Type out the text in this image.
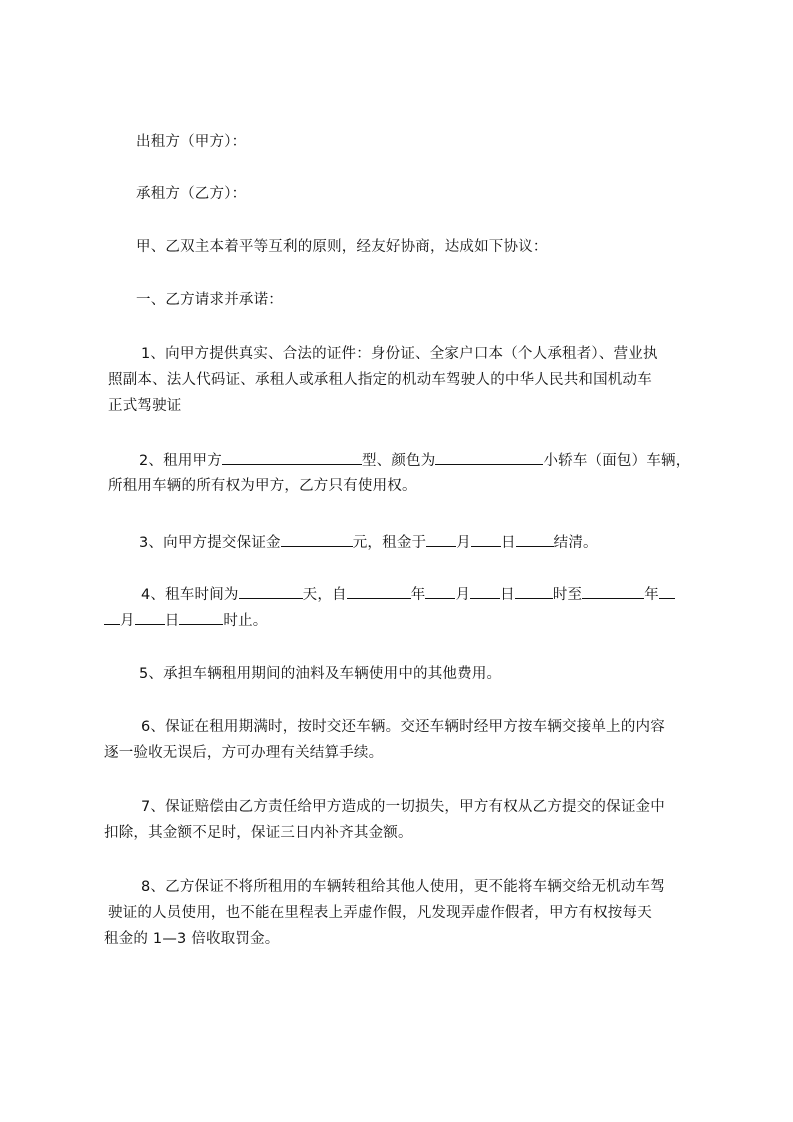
出租方（甲方）：
承租方（乙方）：
甲、乙双主本着平等互利的原则，经友好协商，达成如下协议：
一、乙方请求并承诺：
1、向甲方提供真实、合法的证件：身份证、全家户口本（个人承租者）、营业执
照副本、法人代码证、承租人或承租人指定的机动车驾驶人的中华人民共和国机动车
正式驾驶证
2、租用甲方	型、颜色为	小轿车（面包）车辆，
所租用车辆的所有权为甲方，乙方只有使用权。
3、向甲方提交保证金	元，租金于 月 日	结清。
4、租车时间为	天，自	年 月 日	时至	年
月 日	时止。
5、承担车辆租用期间的油料及车辆使用中的其他费用。
6、保证在租用期满时，按时交还车辆。交还车辆时经甲方按车辆交接单上的内容
逐一验收无误后，方可办理有关结算手续。
7、保证赔偿由乙方责任给甲方造成的一切损失，甲方有权从乙方提交的保证金中
扣除，其金额不足时，保证三日内补齐其金额。
8、乙方保证不将所租用的车辆转租给其他人使用，更不能将车辆交给无机动车驾
驶证的人员使用，也不能在里程表上弄虚作假，凡发现弄虚作假者，甲方有权按每天
租金的 1—3 倍收取罚金。
